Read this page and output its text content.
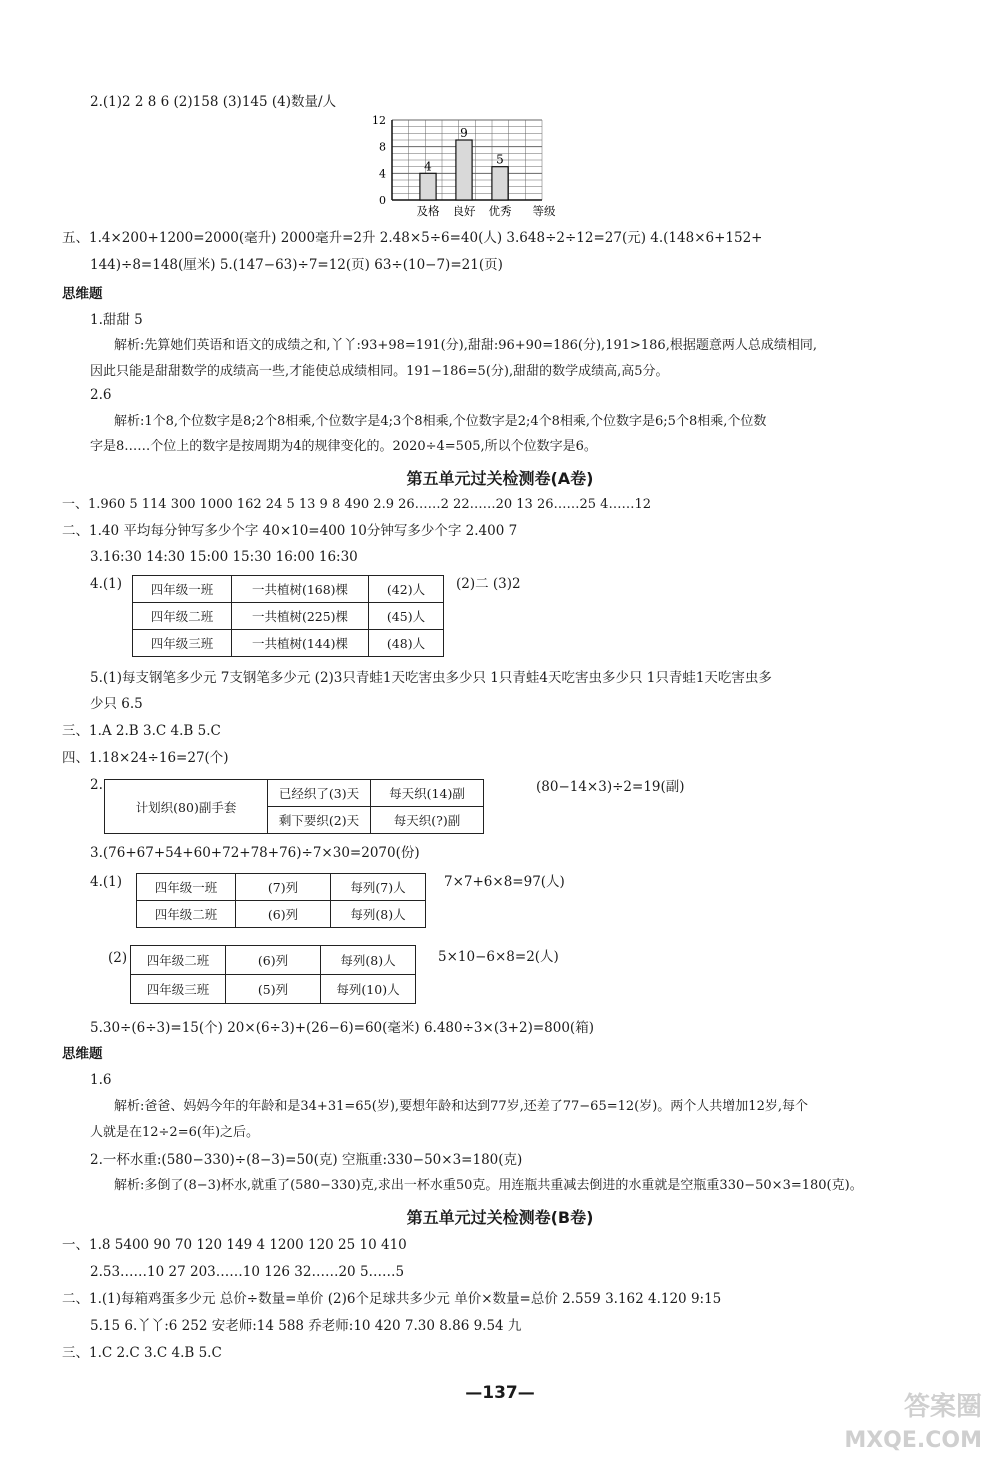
2.(1)2 2 8 6 (2)158 (3)145 (4)数量/人
0
4
8
12
4
及格
9
良好
5
优秀 等级
五、1.4×200+1200=2000(毫升) 2000毫升=2升 2.48×5÷6=40(人) 3.648÷2÷12=27(元) 4.(148×6+152+
144)÷8=148(厘米) 5.(147−63)÷7=12(页) 63÷(10−7)=21(页)
思维题
1.甜甜 5
解析:先算她们英语和语文的成绩之和,丫丫:93+98=191(分),甜甜:96+90=186(分),191>186,根据题意两人总成绩相同,
因此只能是甜甜数学的成绩高一些,才能使总成绩相同。191−186=5(分),甜甜的数学成绩高,高5分。
2.6
解析:1个8,个位数字是8;2个8相乘,个位数字是4;3个8相乘,个位数字是2;4个8相乘,个位数字是6;5个8相乘,个位数
字是8……个位上的数字是按周期为4的规律变化的。2020÷4=505,所以个位数字是6。
第五单元过关检测卷(A卷)
一、1.960 5 114 300 1000 162 24 5 13 9 8 490 2.9 26……2 22……20 13 26……25 4……12
二、1.40 平均每分钟写多少个字 40×10=400 10分钟写多少个字 2.400 7
3.16:30 14:30 15:00 15:30 16:00 16:30
4.(1) 四年级一班	一共植树(168)棵	(42)人
四年级二班	一共植树(225)棵	(45)人
四年级三班	一共植树(144)棵	(48)人
(2)二 (3)2
5.(1)每支钢笔多少元 7支钢笔多少元 (2)3只青蛙1天吃害虫多少只 1只青蛙4天吃害虫多少只 1只青蛙1天吃害虫多
少只 6.5
三、1.A 2.B 3.C 4.B 5.C
四、1.18×24÷16=27(个)
2.
计划织(80)副手套	已经织了(3)天	每天织(14)副
	剩下要织(2)天	每天织(?)副
(80−14×3)÷2=19(副)
3.(76+67+54+60+72+78+76)÷7×30=2070(份)
4.(1)	四年级一班	(7)列	每列(7)人
四年级二班	(6)列	每列(8)人
7×7+6×8=97(人)
(2) 四年级二班	(6)列	每列(8)人
四年级三班	(5)列	每列(10)人
5×10−6×8=2(人)
5.30÷(6÷3)=15(个) 20×(6÷3)+(26−6)=60(毫米) 6.480÷3×(3+2)=800(箱)
思维题
1.6
解析:爸爸、妈妈今年的年龄和是34+31=65(岁),要想年龄和达到77岁,还差了77−65=12(岁)。两个人共增加12岁,每个
人就是在12÷2=6(年)之后。
2.一杯水重:(580−330)÷(8−3)=50(克) 空瓶重:330−50×3=180(克)
解析:多倒了(8−3)杯水,就重了(580−330)克,求出一杯水重50克。用连瓶共重减去倒进的水重就是空瓶重330−50×3=180(克)。
第五单元过关检测卷(B卷)
一、1.8 5400 90 70 120 149 4 1200 120 25 10 410
2.53……10 27 203……10 126 32……20 5……5
二、1.(1)每箱鸡蛋多少元 总价÷数量=单价 (2)6个足球共多少元 单价×数量=总价 2.559 3.162 4.120 9:15
5.15 6.丫丫:6 252 安老师:14 588 乔老师:10 420 7.30 8.86 9.54 九
三、1.C 2.C 3.C 4.B 5.C
—137—	答案圈
MXQE.COM
